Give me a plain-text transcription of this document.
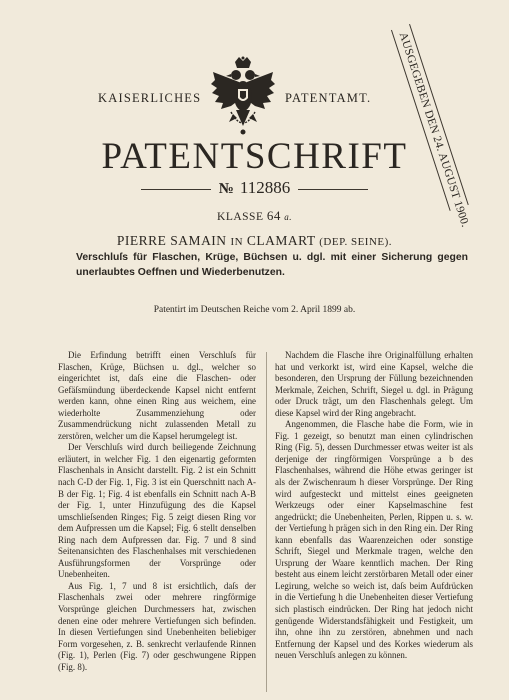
KAISERLICHES	PATENTAMT.	AUSGEGEBEN DEN 24. AUGUST 1900.
PATENTSCHRIFT
№ 112886
KLASSE 64 a.
PIERRE SAMAIN IN CLAMART (DEP. SEINE).
Verschluſs für Flaschen, Krüge, Büchsen u. dgl. mit einer Sicherung gegen unerlaubtes Oeffnen und Wiederbenutzen.
Patentirt im Deutschen Reiche vom 2. April 1899 ab.

Die Erfindung betrifft einen Verschluſs für Flaschen, Krüge, Büchsen u. dgl., welcher so eingerichtet ist, daſs eine die Flaschen- oder Gefäſsmündung überdeckende Kapsel nicht entfernt werden kann, ohne einen Ring aus weichem, eine wiederholte Zusammenziehung oder Zusammendrückung nicht zulassenden Metall zu zerstören, welcher um die Kapsel herumgelegt ist.

Der Verschluſs wird durch beiliegende Zeichnung erläutert, in welcher Fig. 1 den eigenartig geformten Flaschenhals in Ansicht darstellt. Fig. 2 ist ein Schnitt nach C-D der Fig. 1, Fig. 3 ist ein Querschnitt nach A-B der Fig. 1; Fig. 4 ist ebenfalls ein Schnitt nach A-B der Fig. 1, unter Hinzufügung des die Kapsel umschlieſsenden Ringes; Fig. 5 zeigt diesen Ring vor dem Aufpressen um die Kapsel; Fig. 6 stellt denselben Ring nach dem Aufpressen dar. Fig. 7 und 8 sind Seitenansichten des Flaschenhalses mit verschiedenen Ausführungsformen der Vorsprünge oder Unebenheiten.

Aus Fig. 1, 7 und 8 ist ersichtlich, daſs der Flaschenhals zwei oder mehrere ringförmige Vorsprünge gleichen Durchmessers hat, zwischen denen eine oder mehrere Vertiefungen sich befinden. In diesen Vertiefungen sind Unebenheiten beliebiger Form vorgesehen, z. B. senkrecht verlaufende Rinnen (Fig. 1), Perlen (Fig. 7) oder geschwungene Rippen (Fig. 8).

Nachdem die Flasche ihre Originalfüllung erhalten hat und verkorkt ist, wird eine Kapsel, welche die besonderen, den Ursprung der Füllung bezeichnenden Merkmale, Zeichen, Schrift, Siegel u. dgl. in Prägung oder Druck trägt, um den Flaschenhals gelegt. Um diese Kapsel wird der Ring angebracht.

Angenommen, die Flasche habe die Form, wie in Fig. 1 gezeigt, so benutzt man einen cylindrischen Ring (Fig. 5), dessen Durchmesser etwas weiter ist als derjenige der ringförmigen Vorsprünge a b des Flaschenhalses, während die Höhe etwas geringer ist als der Zwischenraum h dieser Vorsprünge. Der Ring wird aufgesteckt und mittelst eines geeigneten Werkzeugs oder einer Kapselmaschine fest angedrückt; die Unebenheiten, Perlen, Rippen u. s. w. der Vertiefung h prägen sich in den Ring ein. Der Ring kann ebenfalls das Waarenzeichen oder sonstige Schrift, Siegel und Merkmale tragen, welche den Ursprung der Waare kenntlich machen. Der Ring besteht aus einem leicht zerstörbaren Metall oder einer Legirung, welche so weich ist, daſs beim Aufdrücken in die Vertiefung h die Unebenheiten dieser Vertiefung sich plastisch eindrücken. Der Ring hat jedoch nicht genügende Widerstandsfähigkeit und Festigkeit, um ihn, ohne ihn zu zerstören, abnehmen und nach Entfernung der Kapsel und des Korkes wiederum als neuen Verschluſs anlegen zu können.
